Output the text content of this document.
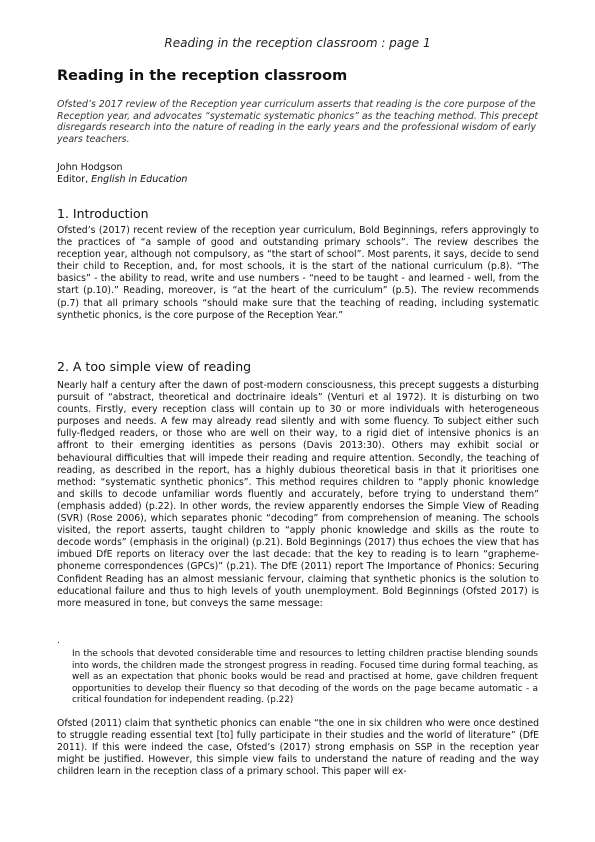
Reading in the reception classroom : page 1
Reading in the reception classroom

Ofsted’s 2017 review of the Reception year curriculum asserts that reading is the core purpose of the Reception year, and advocates “systematic systematic phonics” as the teaching method. This precept disregards research into the nature of reading in the early years and the professional wisdom of early years teachers.

John Hodgson
Editor, English in Education
1. Introduction

Ofsted’s (2017) recent review of the reception year curriculum, Bold Beginnings, refers approvingly to the practices of “a sample of good and outstanding primary schools”. The review describes the reception year, although not compulsory, as “the start of school”. Most parents, it says, decide to send their child to Reception, and, for most schools, it is the start of the national curriculum (p.8). “The basics” - the ability to read, write and use numbers - “need to be taught - and learned - well, from the start (p.10).” Reading, moreover, is “at the heart of the curriculum” (p.5). The review recommends (p.7) that all primary schools “should make sure that the teaching of reading, including systematic synthetic phonics, is the core purpose of the Reception Year.”

2. A too simple view of reading

Nearly half a century after the dawn of post-modern consciousness, this precept suggests a disturbing pursuit of “abstract, theoretical and doctrinaire ideals” (Venturi et al 1972). It is disturbing on two counts. Firstly, every reception class will contain up to 30 or more individuals with heterogeneous purposes and needs. A few may already read silently and with some fluency. To subject either such fully-fledged readers, or those who are well on their way, to a rigid diet of intensive phonics is an affront to their emerging identities as persons (Davis 2013:30). Others may exhibit social or behavioural difficulties that will impede their reading and require attention. Secondly, the teaching of reading, as described in the report, has a highly dubious theoretical basis in that it prioritises one method: “systematic synthetic phonics”. This method requires children to “apply phonic knowledge and skills to decode unfamiliar words fluently and accurately, before trying to understand them” (emphasis added) (p.22). In other words, the review apparently endorses the Simple View of Reading (SVR) (Rose 2006), which separates phonic “decoding” from comprehension of meaning. The schools visited, the report asserts, taught children to “apply phonic knowledge and skills as the route to decode words” (emphasis in the original) (p.21). Bold Beginnings (2017) thus echoes the view that has imbued DfE reports on literacy over the last decade: that the key to reading is to learn “grapheme-phoneme correspondences (GPCs)” (p.21). The DfE (2011) report The Importance of Phonics: Securing Confident Reading has an almost messianic fervour, claiming that synthetic phonics is the solution to educational failure and thus to high levels of youth unemployment. Bold Beginnings (Ofsted 2017) is more measured in tone, but conveys the same message:

.

In the schools that devoted considerable time and resources to letting children practise blending sounds into words, the children made the strongest progress in reading. Focused time during formal teaching, as well as an expectation that phonic books would be read and practised at home, gave children frequent opportunities to develop their fluency so that decoding of the words on the page became automatic - a critical foundation for independent reading. (p.22)

Ofsted (2011) claim that synthetic phonics can enable “the one in six children who were once destined to struggle reading essential text [to] fully participate in their studies and the world of literature” (DfE 2011). If this were indeed the case, Ofsted’s (2017) strong emphasis on SSP in the reception year might be justified. However, this simple view fails to understand the nature of reading and the way children learn in the reception class of a primary school. This paper will ex-
